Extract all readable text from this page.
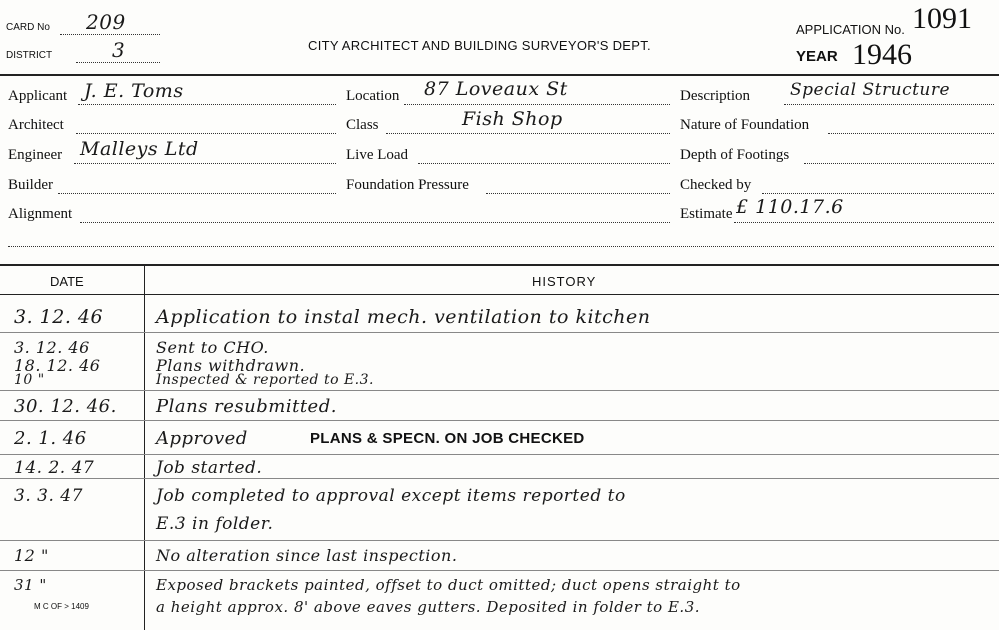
CARD No 209
DISTRICT	3	CITY ARCHITECT AND BUILDING SURVEYOR'S DEPT.
APPLICATION No. 1091
YEAR 1946
Applicant J. E. Toms
Architect
Engineer Malleys Ltd
Builder
Alignment
Location 87 Loveaux St
Class	Fish Shop
Live Load
Foundation Pressure
Description Special Structure
Nature of Foundation
Depth of Footings
Checked by
Estimate £ 110.17.6
DATE	HISTORY
3. 12. 46	Application to instal mech. ventilation to kitchen
3. 12. 46	Sent to CHO.
18. 12. 46	Plans withdrawn.
10 "	Inspected & reported to E.3.
30. 12. 46. Plans resubmitted.
2. 1. 46	Approved	PLANS & SPECN. ON JOB CHECKED
14. 2. 47	Job started.
3. 3. 47	Job completed to approval except items reported to
E.3 in folder.
12 "	No alteration since last inspection.
31 "	Exposed brackets painted, offset to duct omitted; duct opens straight to
a height approx. 8' above eaves gutters. Deposited in folder to E.3.
M C OF > 1409
